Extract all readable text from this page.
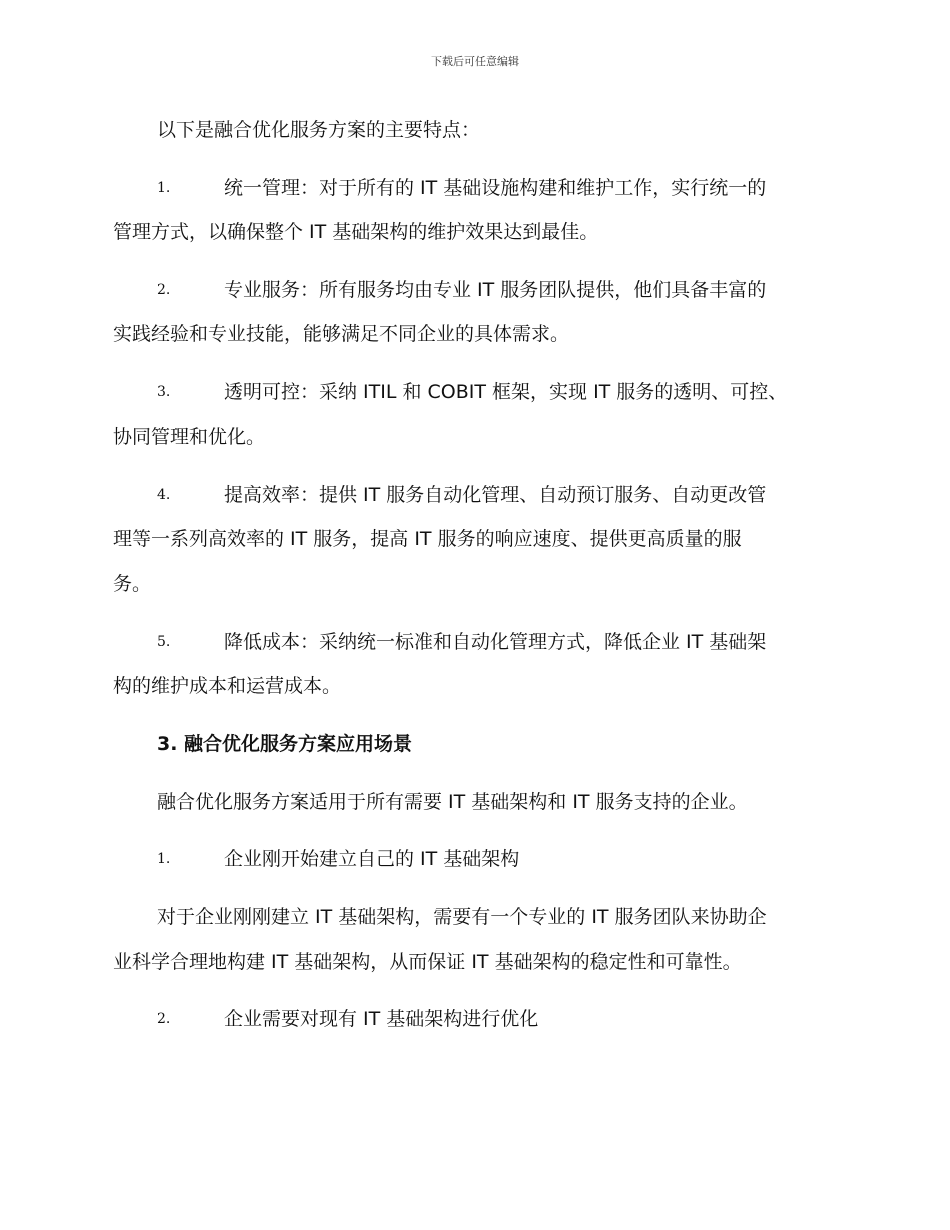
下载后可任意编辑
以下是融合优化服务方案的主要特点：
1.	统一管理：对于所有的 IT 基础设施构建和维护工作，实行统一的
管理方式，以确保整个 IT 基础架构的维护效果达到最佳。
2.	专业服务：所有服务均由专业 IT 服务团队提供，他们具备丰富的
实践经验和专业技能，能够满足不同企业的具体需求。
3.	透明可控：采纳 ITIL 和 COBIT 框架，实现 IT 服务的透明、可控、
协同管理和优化。
4.	提高效率：提供 IT 服务自动化管理、自动预订服务、自动更改管
理等一系列高效率的 IT 服务，提高 IT 服务的响应速度、提供更高质量的服
务。
5.	降低成本：采纳统一标准和自动化管理方式，降低企业 IT 基础架
构的维护成本和运营成本。
3. 融合优化服务方案应用场景
融合优化服务方案适用于所有需要 IT 基础架构和 IT 服务支持的企业。
1.	企业刚开始建立自己的 IT 基础架构
对于企业刚刚建立 IT 基础架构，需要有一个专业的 IT 服务团队来协助企
业科学合理地构建 IT 基础架构，从而保证 IT 基础架构的稳定性和可靠性。
2.	企业需要对现有 IT 基础架构进行优化
